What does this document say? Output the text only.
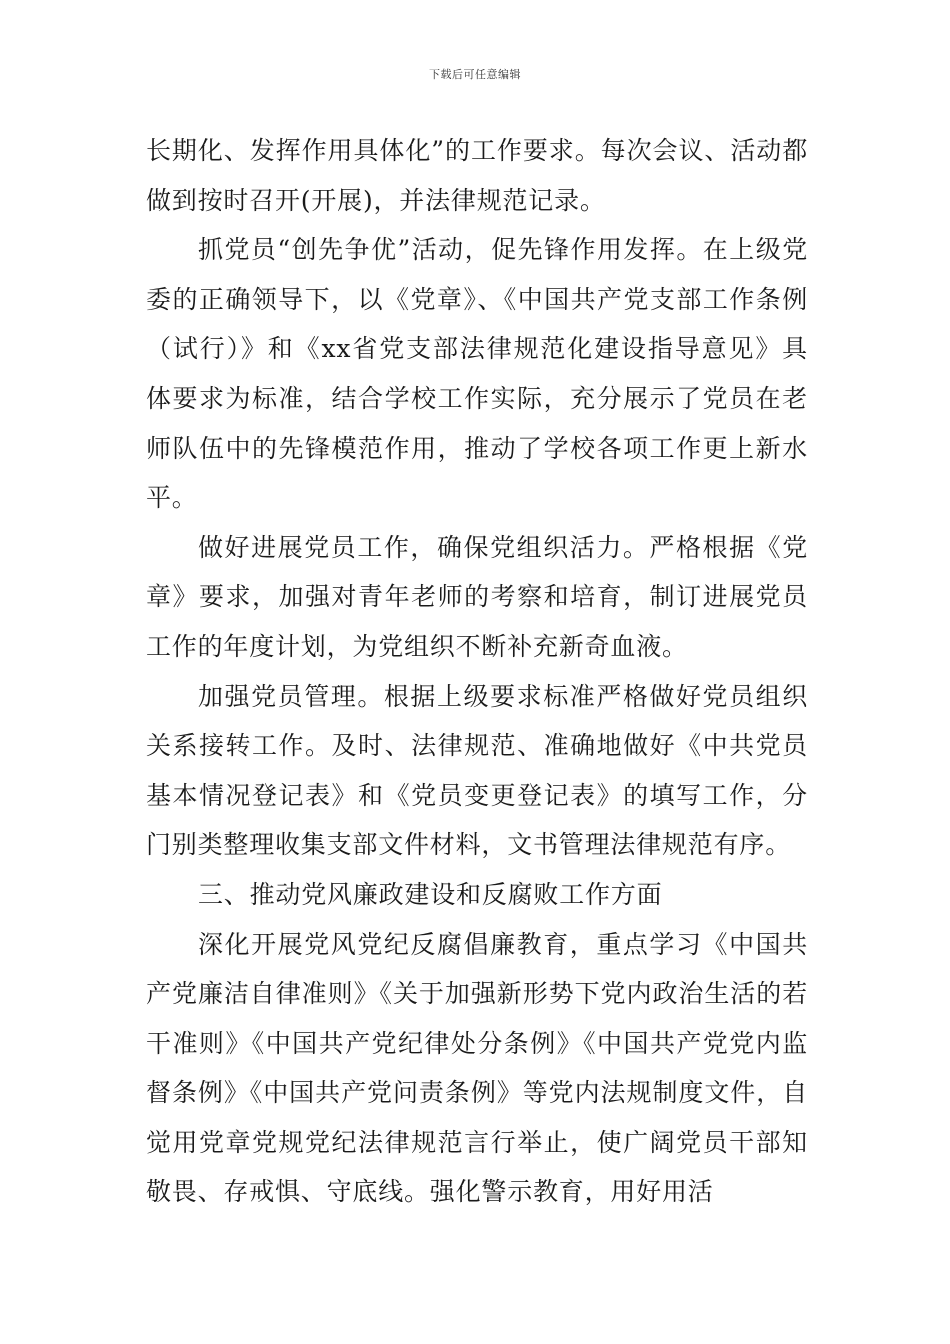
下载后可任意编辑

长期化、发挥作用具体化”的工作要求。每次会议、活动都做到按时召开(开展)，并法律规范记录。

抓党员“创先争优”活动，促先锋作用发挥。在上级党委的正确领导下，以《党章》、《中国共产党支部工作条例（试行）》和《xx省党支部法律规范化建设指导意见》具体要求为标准，结合学校工作实际，充分展示了党员在老师队伍中的先锋模范作用，推动了学校各项工作更上新水平。

做好进展党员工作，确保党组织活力。严格根据《党章》要求，加强对青年老师的考察和培育，制订进展党员工作的年度计划，为党组织不断补充新奇血液。

加强党员管理。根据上级要求标准严格做好党员组织关系接转工作。及时、法律规范、准确地做好《中共党员基本情况登记表》和《党员变更登记表》的填写工作，分门别类整理收集支部文件材料，文书管理法律规范有序。

三、推动党风廉政建设和反腐败工作方面

深化开展党风党纪反腐倡廉教育，重点学习《中国共产党廉洁自律准则》《关于加强新形势下党内政治生活的若干准则》《中国共产党纪律处分条例》《中国共产党党内监督条例》《中国共产党问责条例》等党内法规制度文件，自觉用党章党规党纪法律规范言行举止，使广阔党员干部知敬畏、存戒惧、守底线。强化警示教育，用好用活
